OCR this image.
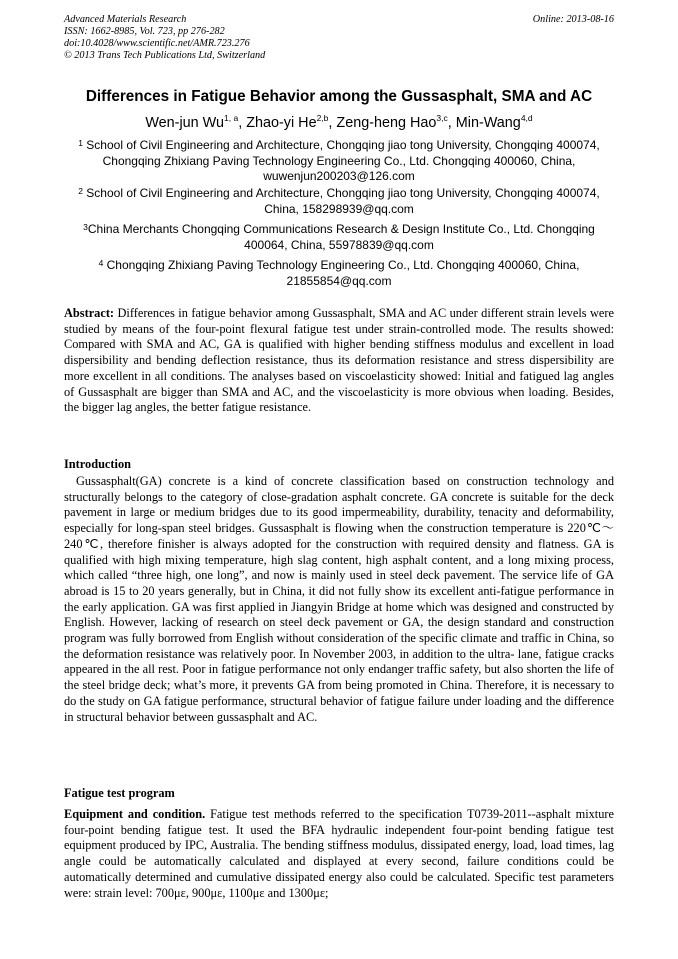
Advanced Materials Research
ISSN: 1662-8985, Vol. 723, pp 276-282
doi:10.4028/www.scientific.net/AMR.723.276
© 2013 Trans Tech Publications Ltd, Switzerland
Online: 2013-08-16
Differences in Fatigue Behavior among the Gussasphalt, SMA and AC
Wen-jun Wu$^{1, a}$, Zhao-yi He$^{2,b}$, Zeng-heng Hao$^{3,c}$, Min-Wang$^{4,d}$
$^1$ School of Civil Engineering and Architecture, Chongqing jiao tong University, Chongqing 400074, Chongqing Zhixiang Paving Technology Engineering Co., Ltd. Chongqing 400060, China, wuwenjun200203@126.com
$^2$ School of Civil Engineering and Architecture, Chongqing jiao tong University, Chongqing 400074, China, 158298939@qq.com
$^3$China Merchants Chongqing Communications Research & Design Institute Co., Ltd. Chongqing 400064, China, 55978839@qq.com
$^4$ Chongqing Zhixiang Paving Technology Engineering Co., Ltd. Chongqing 400060, China, 21855854@qq.com
Abstract: Differences in fatigue behavior among Gussasphalt, SMA and AC under different strain levels were studied by means of the four-point flexural fatigue test under strain-controlled mode. The results showed: Compared with SMA and AC, GA is qualified with higher bending stiffness modulus and excellent in load dispersibility and bending deflection resistance, thus its deformation resistance and stress dispersibility are more excellent in all conditions. The analyses based on viscoelasticity showed: Initial and fatigued lag angles of Gussasphalt are bigger than SMA and AC, and the viscoelasticity is more obvious when loading. Besides, the bigger lag angles, the better fatigue resistance.
Introduction
Gussasphalt(GA) concrete is a kind of concrete classification based on construction technology and structurally belongs to the category of close-gradation asphalt concrete. GA concrete is suitable for the deck pavement in large or medium bridges due to its good impermeability, durability, tenacity and deformability, especially for long-span steel bridges. Gussasphalt is flowing when the construction temperature is 220℃～240℃, therefore finisher is always adopted for the construction with required density and flatness. GA is qualified with high mixing temperature, high slag content, high asphalt content, and a long mixing process, which called “three high, one long”, and now is mainly used in steel deck pavement. The service life of GA abroad is 15 to 20 years generally, but in China, it did not fully show its excellent anti-fatigue performance in the early application. GA was first applied in Jiangyin Bridge at home which was designed and constructed by English. However, lacking of research on steel deck pavement or GA, the design standard and construction program was fully borrowed from English without consideration of the specific climate and traffic in China, so the deformation resistance was relatively poor. In November 2003, in addition to the ultra- lane, fatigue cracks appeared in the all rest. Poor in fatigue performance not only endanger traffic safety, but also shorten the life of the steel bridge deck; what’s more, it prevents GA from being promoted in China. Therefore, it is necessary to do the study on GA fatigue performance, structural behavior of fatigue failure under loading and the difference in structural behavior between gussasphalt and AC.
Fatigue test program
Equipment and condition. Fatigue test methods referred to the specification T0739-2011--asphalt mixture four-point bending fatigue test. It used the BFA hydraulic independent four-point bending fatigue test equipment produced by IPC, Australia. The bending stiffness modulus, dissipated energy, load, load times, lag angle could be automatically calculated and displayed at every second, failure conditions could be automatically determined and cumulative dissipated energy also could be calculated. Specific test parameters were: strain level: 700με, 900με, 1100με and 1300με;
